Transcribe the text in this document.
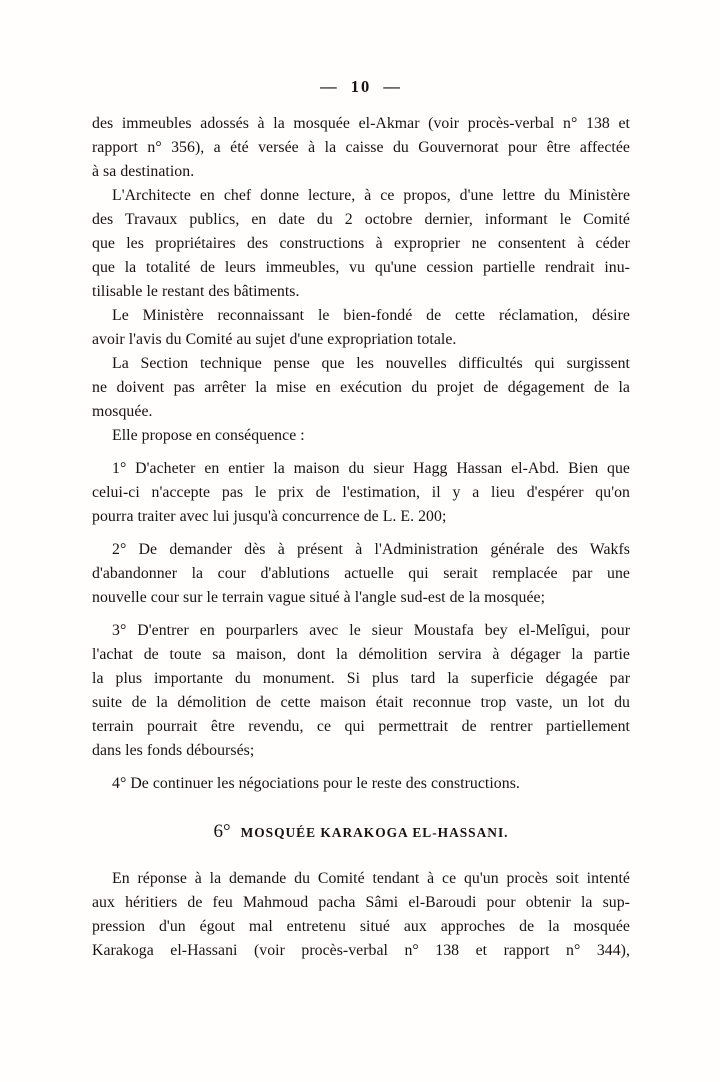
— 10 —
des immeubles adossés à la mosquée el-Akmar (voir procès-verbal n° 138 et
rapport n° 356), a été versée à la caisse du Gouvernorat pour être affectée
à sa destination.
L'Architecte en chef donne lecture, à ce propos, d'une lettre du Ministère
des Travaux publics, en date du 2 octobre dernier, informant le Comité
que les propriétaires des constructions à exproprier ne consentent à céder
que la totalité de leurs immeubles, vu qu'une cession partielle rendrait inu-
tilisable le restant des bâtiments.
Le Ministère reconnaissant le bien-fondé de cette réclamation, désire
avoir l'avis du Comité au sujet d'une expropriation totale.
La Section technique pense que les nouvelles difficultés qui surgissent
ne doivent pas arrêter la mise en exécution du projet de dégagement de la
mosquée.
Elle propose en conséquence :
1° D'acheter en entier la maison du sieur Hagg Hassan el-Abd. Bien que
celui-ci n'accepte pas le prix de l'estimation, il y a lieu d'espérer qu'on
pourra traiter avec lui jusqu'à concurrence de L. E. 200;
2° De demander dès à présent à l'Administration générale des Wakfs
d'abandonner la cour d'ablutions actuelle qui serait remplacée par une
nouvelle cour sur le terrain vague situé à l'angle sud-est de la mosquée;
3° D'entrer en pourparlers avec le sieur Moustafa bey el-Melîgui, pour
l'achat de toute sa maison, dont la démolition servira à dégager la partie
la plus importante du monument. Si plus tard la superficie dégagée par
suite de la démolition de cette maison était reconnue trop vaste, un lot du
terrain pourrait être revendu, ce qui permettrait de rentrer partiellement
dans les fonds déboursés;
4° De continuer les négociations pour le reste des constructions.
6° MOSQUÉE KARAKOGA EL-HASSANI.
En réponse à la demande du Comité tendant à ce qu'un procès soit intenté
aux héritiers de feu Mahmoud pacha Sâmi el-Baroudi pour obtenir la sup-
pression d'un égout mal entretenu situé aux approches de la mosquée
Karakoga el-Hassani (voir procès-verbal n° 138 et rapport n° 344),
